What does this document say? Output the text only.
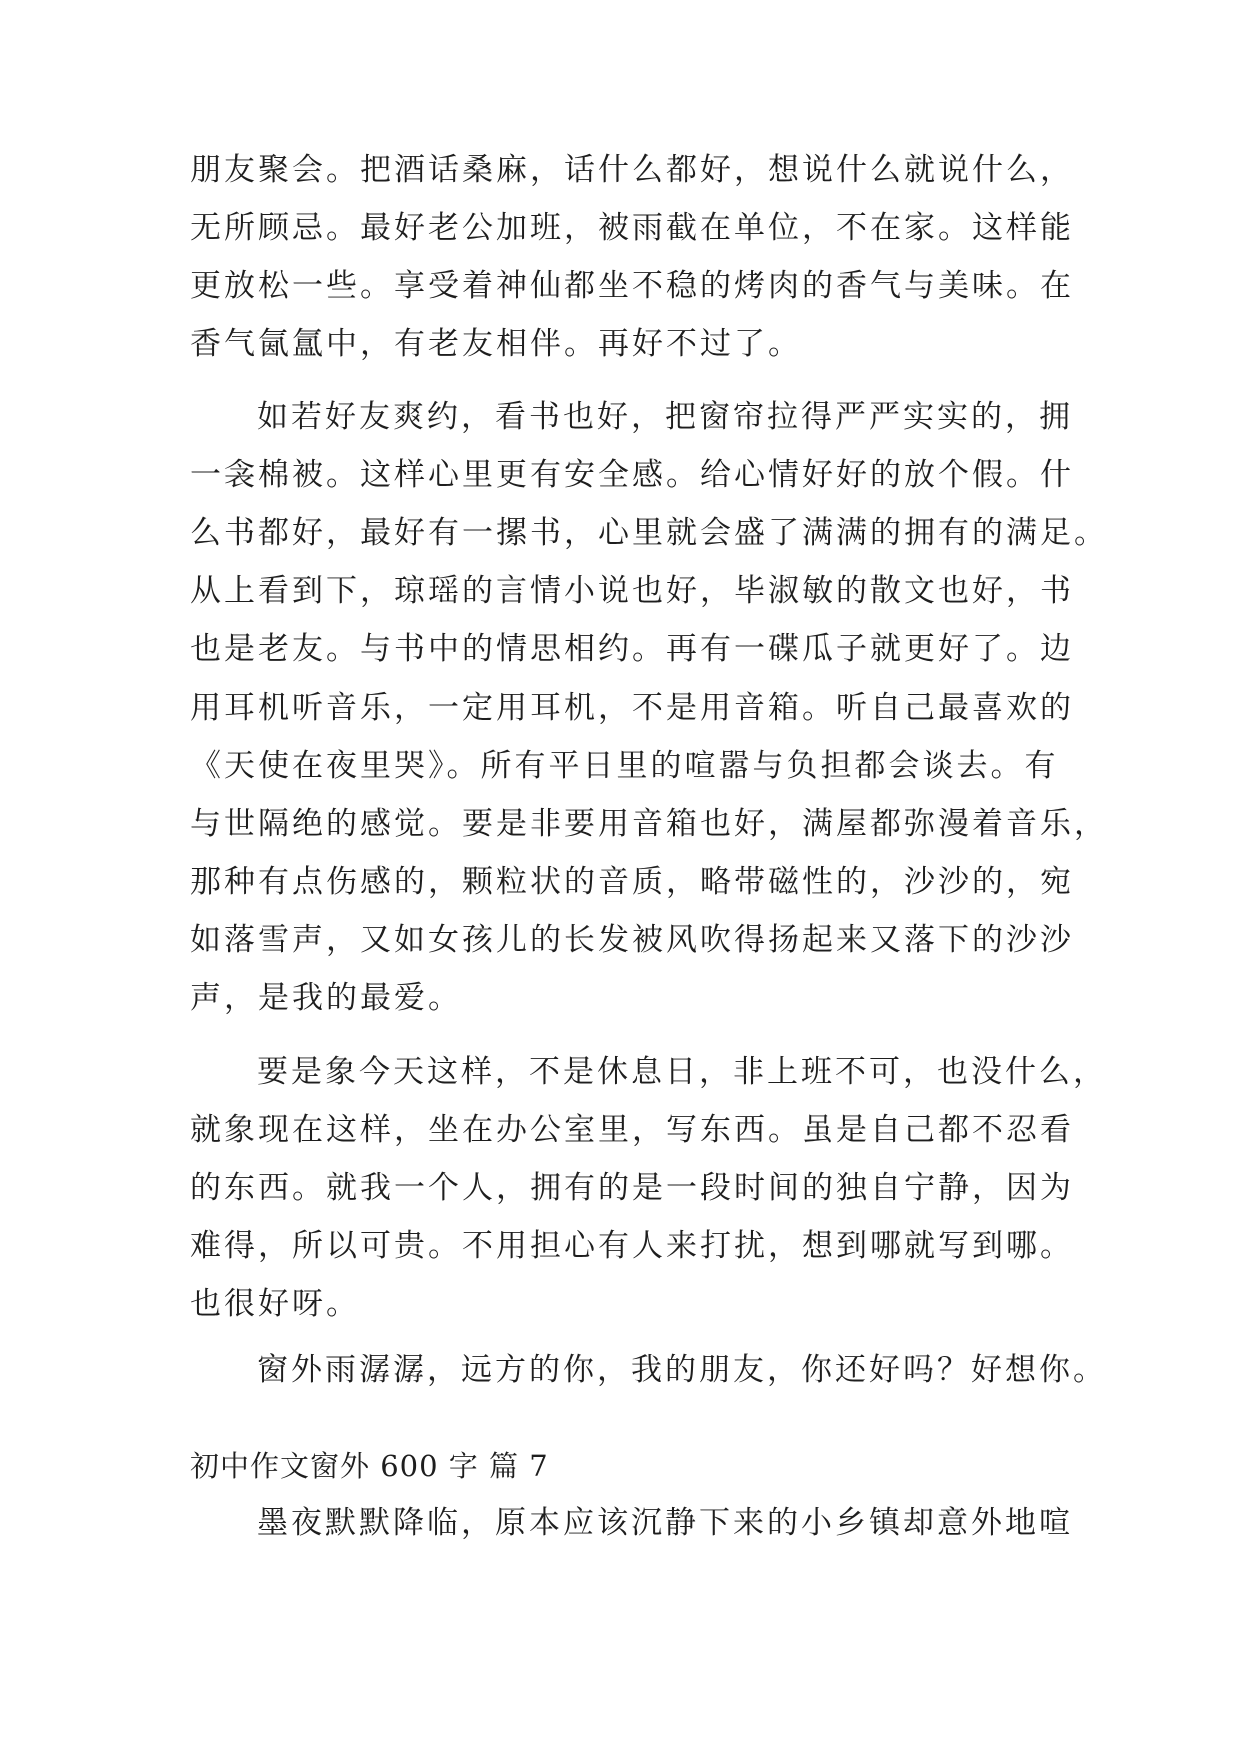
朋友聚会。把酒话桑麻，话什么都好，想说什么就说什么，
无所顾忌。最好老公加班，被雨截在单位，不在家。这样能
更放松一些。享受着神仙都坐不稳的烤肉的香气与美味。在
香气氤氲中，有老友相伴。再好不过了。
如若好友爽约，看书也好，把窗帘拉得严严实实的，拥
一衾棉被。这样心里更有安全感。给心情好好的放个假。什
么书都好，最好有一摞书，心里就会盛了满满的拥有的满足。
从上看到下，琼瑶的言情小说也好，毕淑敏的散文也好，书
也是老友。与书中的情思相约。再有一碟瓜子就更好了。边
用耳机听音乐，一定用耳机，不是用音箱。听自己最喜欢的
《天使在夜里哭》。所有平日里的喧嚣与负担都会谈去。有
与世隔绝的感觉。要是非要用音箱也好，满屋都弥漫着音乐，
那种有点伤感的，颗粒状的音质，略带磁性的，沙沙的，宛
如落雪声，又如女孩儿的长发被风吹得扬起来又落下的沙沙
声，是我的最爱。
要是象今天这样，不是休息日，非上班不可，也没什么，
就象现在这样，坐在办公室里，写东西。虽是自己都不忍看
的东西。就我一个人，拥有的是一段时间的独自宁静，因为
难得，所以可贵。不用担心有人来打扰，想到哪就写到哪。
也很好呀。
窗外雨潺潺，远方的你，我的朋友，你还好吗？好想你。
初中作文窗外 600 字 篇 7
墨夜默默降临，原本应该沉静下来的小乡镇却意外地喧
